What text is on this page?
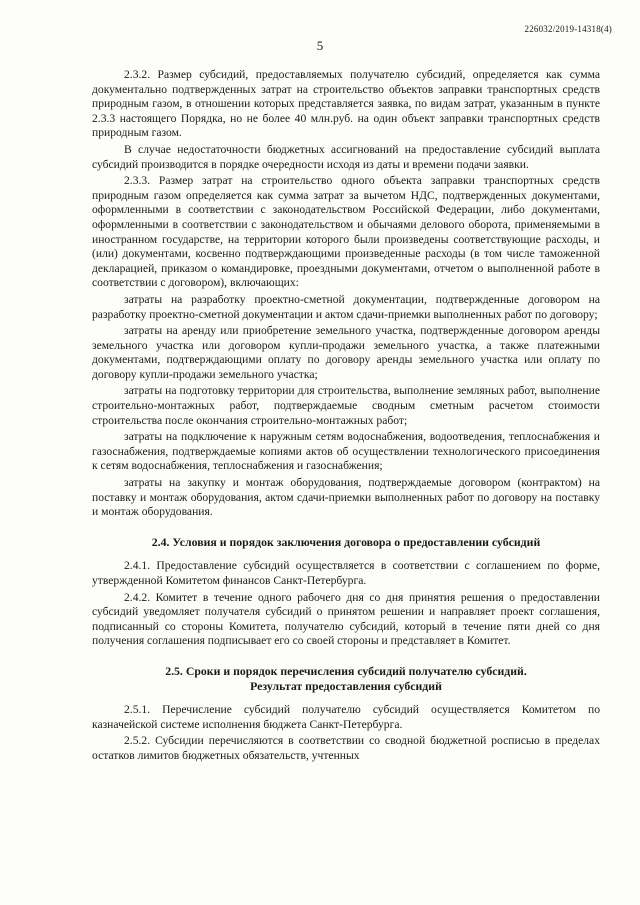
226032/2019-14318(4)
5

2.3.2. Размер субсидий, предоставляемых получателю субсидий, определяется как сумма документально подтвержденных затрат на строительство объектов заправки транспортных средств природным газом, в отношении которых представляется заявка, по видам затрат, указанным в пункте 2.3.3 настоящего Порядка, но не более 40 млн.руб. на один объект заправки транспортных средств природным газом.

В случае недостаточности бюджетных ассигнований на предоставление субсидий выплата субсидий производится в порядке очередности исходя из даты и времени подачи заявки.

2.3.3. Размер затрат на строительство одного объекта заправки транспортных средств природным газом определяется как сумма затрат за вычетом НДС, подтвержденных документами, оформленными в соответствии с законодательством Российской Федерации, либо документами, оформленными в соответствии с законодательством и обычаями делового оборота, применяемыми в иностранном государстве, на территории которого были произведены соответствующие расходы, и (или) документами, косвенно подтверждающими произведенные расходы (в том числе таможенной декларацией, приказом о командировке, проездными документами, отчетом о выполненной работе в соответствии с договором), включающих:

затраты на разработку проектно-сметной документации, подтвержденные договором на разработку проектно-сметной документации и актом сдачи-приемки выполненных работ по договору;

затраты на аренду или приобретение земельного участка, подтвержденные договором аренды земельного участка или договором купли-продажи земельного участка, а также платежными документами, подтверждающими оплату по договору аренды земельного участка или оплату по договору купли-продажи земельного участка;

затраты на подготовку территории для строительства, выполнение земляных работ, выполнение строительно-монтажных работ, подтверждаемые сводным сметным расчетом стоимости строительства после окончания строительно-монтажных работ;

затраты на подключение к наружным сетям водоснабжения, водоотведения, теплоснабжения и газоснабжения, подтверждаемые копиями актов об осуществлении технологического присоединения к сетям водоснабжения, теплоснабжения и газоснабжения;

затраты на закупку и монтаж оборудования, подтверждаемые договором (контрактом) на поставку и монтаж оборудования, актом сдачи-приемки выполненных работ по договору на поставку и монтаж оборудования.

2.4. Условия и порядок заключения договора о предоставлении субсидий

2.4.1. Предоставление субсидий осуществляется в соответствии с соглашением по форме, утвержденной Комитетом финансов Санкт-Петербурга.

2.4.2. Комитет в течение одного рабочего дня со дня принятия решения о предоставлении субсидий уведомляет получателя субсидий о принятом решении и направляет проект соглашения, подписанный со стороны Комитета, получателю субсидий, который в течение пяти дней со дня получения соглашения подписывает его со своей стороны и представляет в Комитет.

2.5. Сроки и порядок перечисления субсидий получателю субсидий.

Результат предоставления субсидий

2.5.1. Перечисление субсидий получателю субсидий осуществляется Комитетом по казначейской системе исполнения бюджета Санкт-Петербурга.

2.5.2. Субсидии перечисляются в соответствии со сводной бюджетной росписью в пределах остатков лимитов бюджетных обязательств, учтенных
